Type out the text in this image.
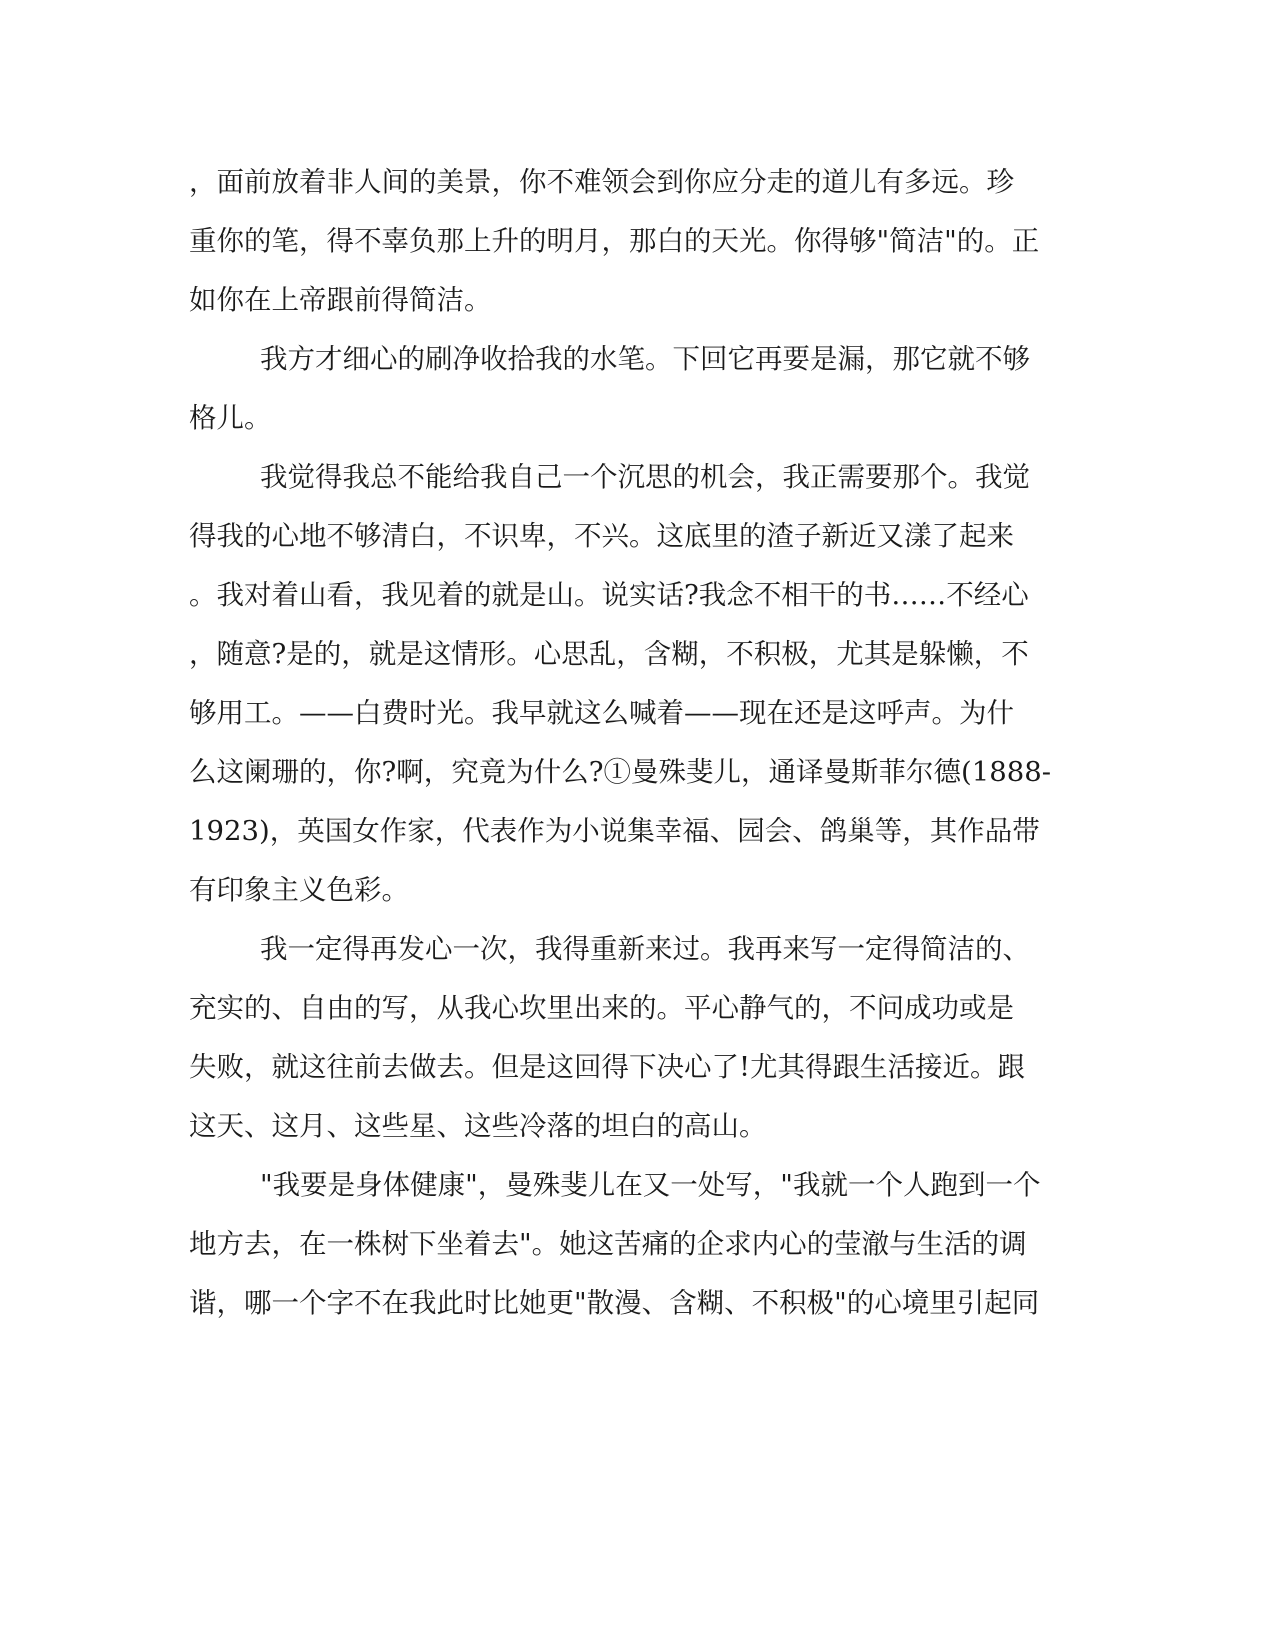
，面前放着非人间的美景，你不难领会到你应分走的道儿有多远。珍
重你的笔，得不辜负那上升的明月，那白的天光。你得够"简洁"的。正
如你在上帝跟前得简洁。
我方才细心的刷净收拾我的水笔。下回它再要是漏，那它就不够
格儿。
我觉得我总不能给我自己一个沉思的机会，我正需要那个。我觉
得我的心地不够清白，不识卑，不兴。这底里的渣子新近又漾了起来
。我对着山看，我见着的就是山。说实话?我念不相干的书……不经心
，随意?是的，就是这情形。心思乱，含糊，不积极，尤其是躲懒，不
够用工。——白费时光。我早就这么喊着——现在还是这呼声。为什
么这阑珊的，你?啊，究竟为什么?①曼殊斐儿，通译曼斯菲尔德(1888-
1923)，英国女作家，代表作为小说集幸福、园会、鸽巢等，其作品带
有印象主义色彩。
我一定得再发心一次，我得重新来过。我再来写一定得简洁的、
充实的、自由的写，从我心坎里出来的。平心静气的，不问成功或是
失败，就这往前去做去。但是这回得下决心了!尤其得跟生活接近。跟
这天、这月、这些星、这些冷落的坦白的高山。
"我要是身体健康"，曼殊斐儿在又一处写，"我就一个人跑到一个
地方去，在一株树下坐着去"。她这苦痛的企求内心的莹澈与生活的调
谐，哪一个字不在我此时比她更"散漫、含糊、不积极"的心境里引起同
